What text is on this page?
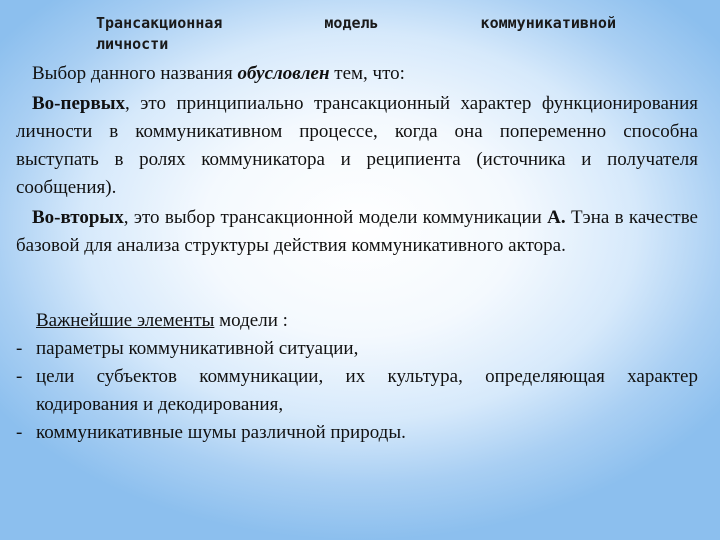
Трансакционная модель коммуникативной
личности

Выбор данного названия обусловлен тем, что:

Во-первых, это принципиально трансакционный характер функционирования личности в коммуникативном процессе, когда она попеременно способна выступать в ролях коммуникатора и реципиента (источника и получателя сообщения).

Во-вторых, это выбор трансакционной модели коммуникации А. Тэна в качестве базовой для анализа структуры действия коммуникативного актора.

Важнейшие элементы модели :

- параметры коммуникативной ситуации,
- цели субъектов коммуникации, их культура, определяющая характер кодирования и декодирования,
- коммуникативные шумы различной природы.
